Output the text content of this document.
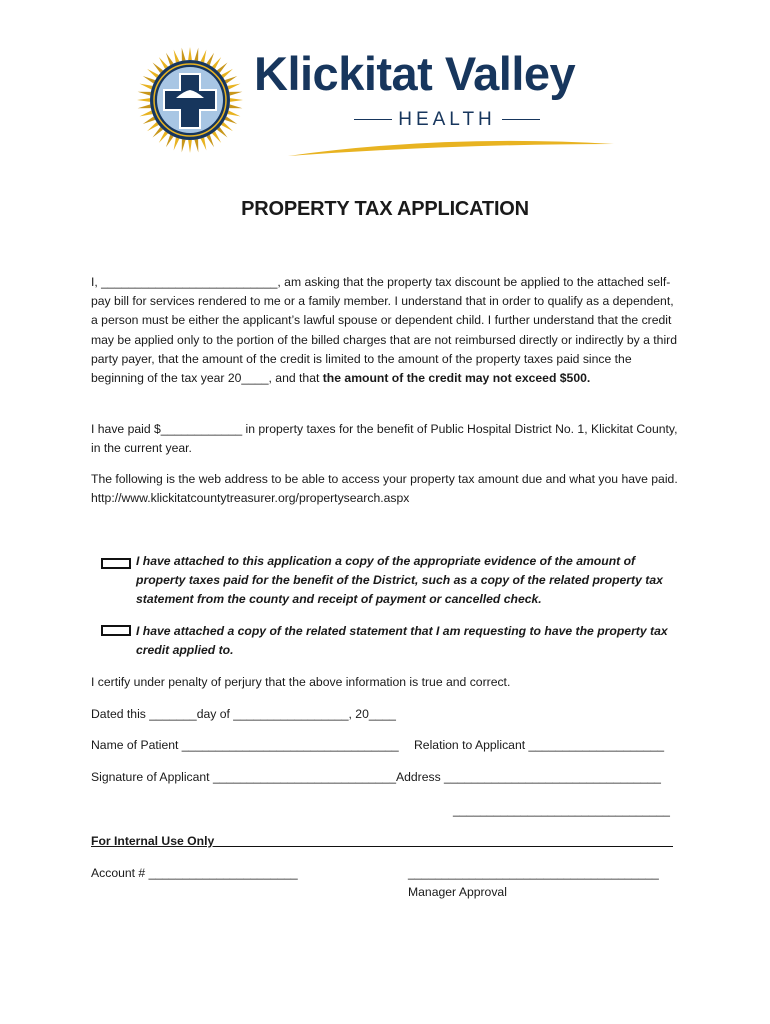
Klickitat Valley
HEALTH
PROPERTY TAX APPLICATION
I, __________________________, am asking that the property tax discount be applied to the attached self-pay bill for services rendered to me or a family member. I understand that in order to qualify as a dependent, a person must be either the applicant’s lawful spouse or dependent child. I further understand that the credit may be applied only to the portion of the billed charges that are not reimbursed directly or indirectly by a third party payer, that the amount of the credit is limited to the amount of the property taxes paid since the beginning of the tax year 20____, and that the amount of the credit may not exceed $500.
I have paid $____________ in property taxes for the benefit of Public Hospital District No. 1, Klickitat County, in the current year.
The following is the web address to be able to access your property tax amount due and what you have paid. http://www.klickitatcountytreasurer.org/propertysearch.aspx
I have attached to this application a copy of the appropriate evidence of the amount of property taxes paid for the benefit of the District, such as a copy of the related property tax statement from the county and receipt of payment or cancelled check.
I have attached a copy of the related statement that I am requesting to have the property tax credit applied to.
I certify under penalty of perjury that the above information is true and correct.
Dated this _______day of _________________, 20____
Name of Patient ________________________________ Relation to Applicant ____________________
Signature of Applicant ___________________________Address ________________________________
________________________________
For Internal Use Only
Account # ______________________	_____________________________________
Manager Approval
